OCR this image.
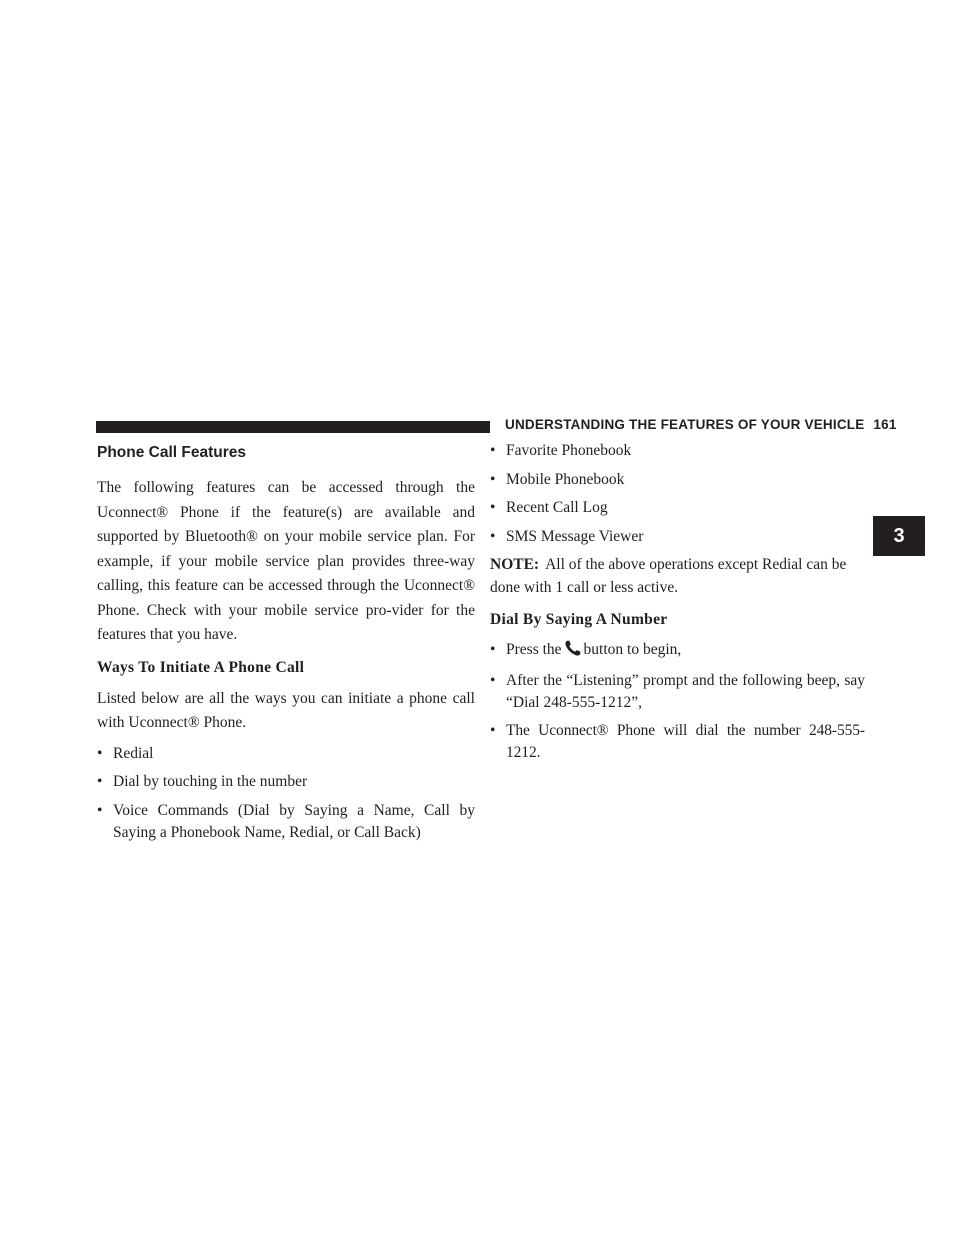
UNDERSTANDING THE FEATURES OF YOUR VEHICLE 161
3
Phone Call Features

The following features can be accessed through the Uconnect® Phone if the feature(s) are available and supported by Bluetooth® on your mobile service plan. For example, if your mobile service plan provides three-way calling, this feature can be accessed through the Uconnect® Phone. Check with your mobile service pro-vider for the features that you have.

Ways To Initiate A Phone Call

Listed below are all the ways you can initiate a phone call with Uconnect® Phone.

• Redial
• Dial by touching in the number
• Voice Commands (Dial by Saying a Name, Call by Saying a Phonebook Name, Redial, or Call Back)
• Favorite Phonebook
• Mobile Phonebook
• Recent Call Log
• SMS Message Viewer

NOTE: All of the above operations except Redial can be done with 1 call or less active.

Dial By Saying A Number
• Press the button to begin,
• After the “Listening” prompt and the following beep, say “Dial 248-555-1212”,
• The Uconnect® Phone will dial the number 248-555-1212.
